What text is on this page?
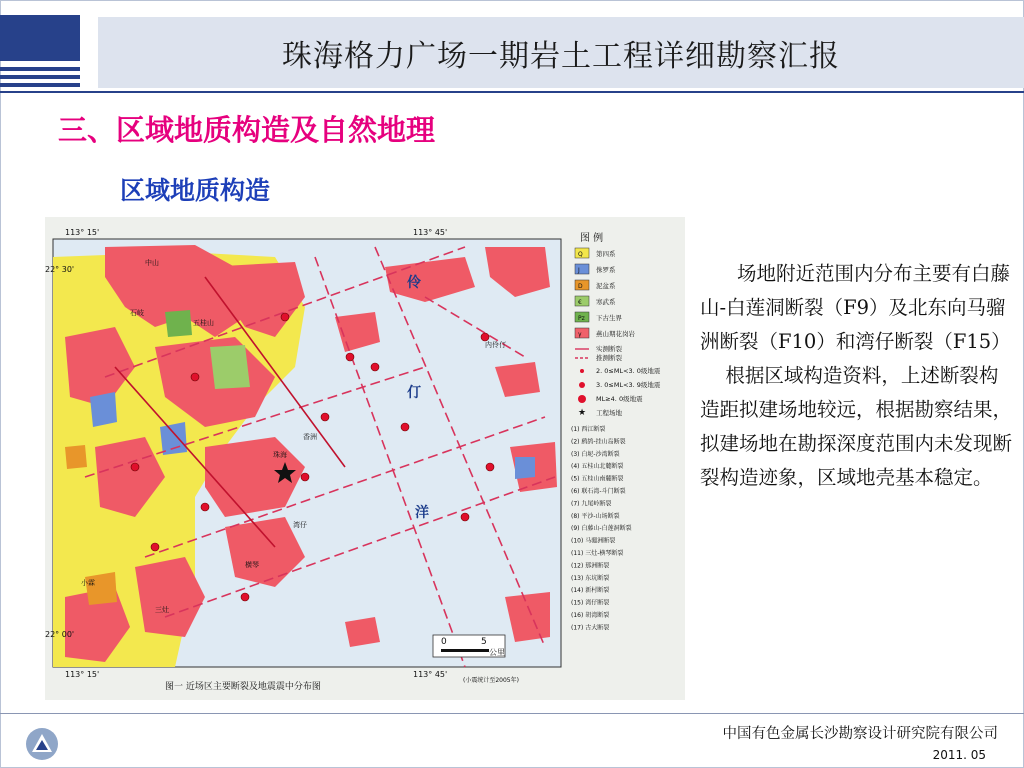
珠海格力广场一期岩土工程详细勘察汇报
三、区域地质构造及自然地理
区域地质构造
0	5
公里
113° 15'	113° 45'
113° 15'	113° 45'
22° 30'
22° 00'
伶
仃
洋
中山
五桂山
香洲
湾仔
内伶仃
横琴
石岐
小霖
珠海
三灶
图 例
Q 第四系
J 侏罗系
D 泥盆系
€ 寒武系
Pz 下古生界
γ 燕山期花岗岩
实测断裂
推测断裂
2. 0≤ML<3. 0级地震
3. 0≤ML<3. 9级地震
ML≥4. 0级地震
★ 工程场地
(1) 西江断裂
(2) 鹧鸪-挂山岛断裂
(3) 白坭-沙湾断裂
(4) 五桂山北麓断裂
(5) 五桂山南麓断裂
(6) 联石湾-斗门断裂
(7) 九尾岭断裂
(8) 平沙-山场断裂
(9) 白藤山-白莲洞断裂
(10) 马骝洲断裂
(11) 三灶-横琴断裂
(12) 那洲断裂
(13) 东坑断裂
(14) 新村断裂
(15) 湾仔断裂
(16) 胡湾断裂
(17) 古大断裂
图一 近场区主要断裂及地震震中分布图
(小震统计至2005年)

场地附近范围内分布主要有白藤山-白莲洞断裂（F9）及北东向马骝洲断裂（F10）和湾仔断裂（F15）

根据区域构造资料，上述断裂构造距拟建场地较远，根据勘察结果，拟建场地在勘探深度范围内未发现断裂构造迹象，区域地壳基本稳定。

中国有色金属长沙勘察设计研究院有限公司
2011. 05
